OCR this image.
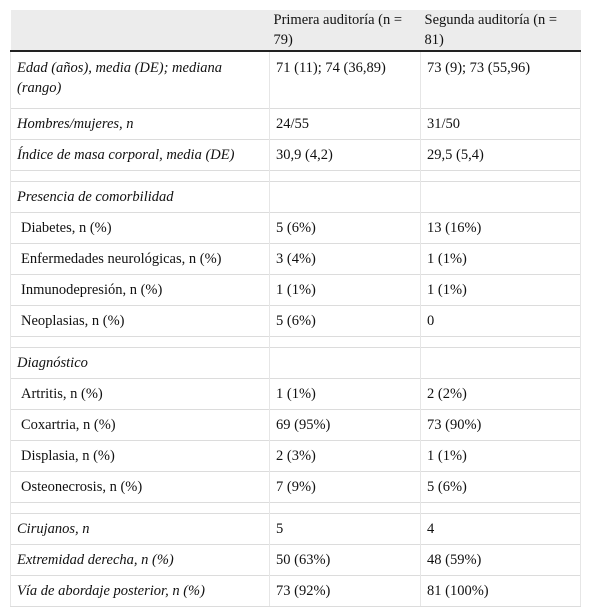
	Primera auditoría (n = 79)	Segunda auditoría (n = 81)
Edad (años), media (DE); mediana (rango)	71 (11); 74 (36,89)	73 (9); 73 (55,96)
Hombres/mujeres, n	24/55	31/50
Índice de masa corporal, media (DE)	30,9 (4,2)	29,5 (5,4)

Presencia de comorbilidad		
Diabetes, n (%)	5 (6%)	13 (16%)
Enfermedades neurológicas, n (%)	3 (4%)	1 (1%)
Inmunodepresión, n (%)	1 (1%)	1 (1%)
Neoplasias, n (%)	5 (6%)	0

Diagnóstico		
Artritis, n (%)	1 (1%)	2 (2%)
Coxartria, n (%)	69 (95%)	73 (90%)
Displasia, n (%)	2 (3%)	1 (1%)
Osteonecrosis, n (%)	7 (9%)	5 (6%)

Cirujanos, n	5	4
Extremidad derecha, n (%)	50 (63%)	48 (59%)
Vía de abordaje posterior, n (%)	73 (92%)	81 (100%)
